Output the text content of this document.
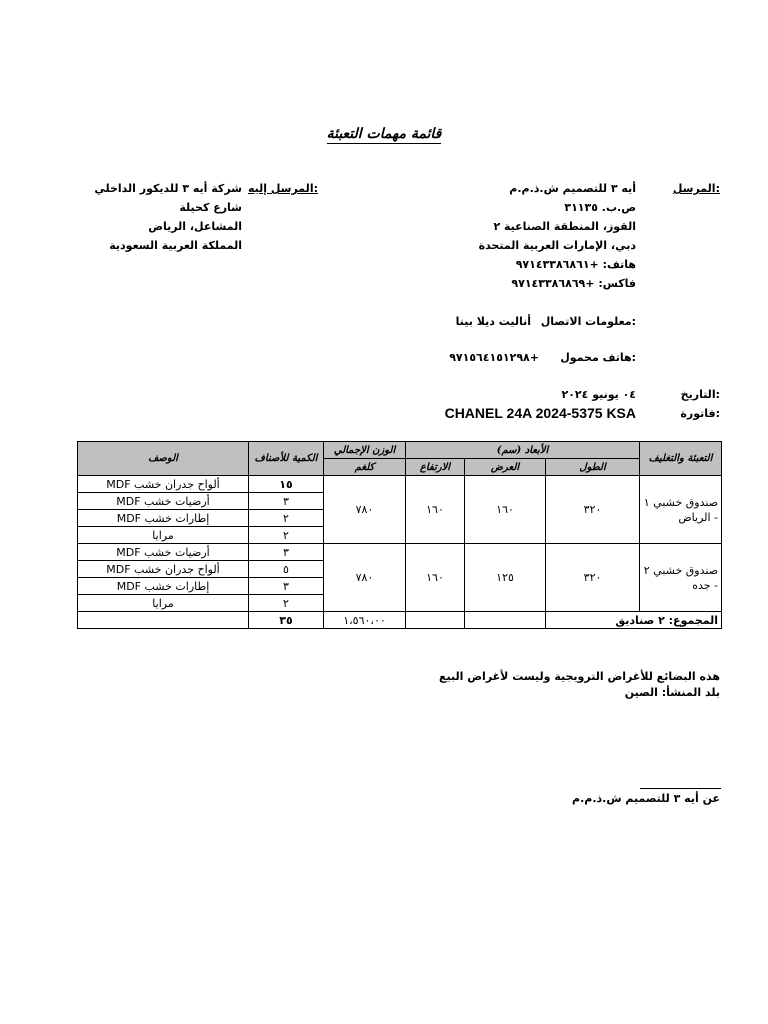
قائمة مهمات التعبئة
المرسل:
أيه ٣ للتصميم ش.ذ.م.م
ص.ب. ٣١١٣٥
القوز، المنطقة الصناعية ٢
دبي، الإمارات العربية المتحدة
هاتف: +٩٧١٤٣٣٨٦٨٦١
فاكس: +٩٧١٤٣٣٨٦٨٦٩
المرسل إليه:
شركة أيه ٣ للديكور الداخلي
شارع كحيلة
المشاعل، الرياض
المملكة العربية السعودية
معلومات الاتصال:
أناليت ديلا بينا
هاتف محمول:
+٩٧١٥٦٤١٥١٢٩٨
التاريخ:
٠٤ يونيو ٢٠٢٤
فاتورة:
CHANEL 24A 2024-5375 KSA
التعبئة والتغليف	الأبعاد (سم)			الوزن الإجمالي	الكمية للأصناف	الوصف
	الطول	العرض	الارتفاع	كلغم		
صندوق خشبي ١ - الرياض	٣٢٠	١٦٠	١٦٠	٧٨٠	١٥	ألواح جدران خشب MDF
					٣	أرضيات خشب MDF
					٢	إطارات خشب MDF
					٢	مرايا
صندوق خشبي ٢ - جده	٣٢٠	١٢٥	١٦٠	٧٨٠	٣	أرضيات خشب MDF
					٥	ألواح جدران خشب MDF
					٣	إطارات خشب MDF
					٢	مرايا
المجموع: ٢ صناديق				١،٥٦٠،٠٠	٣٥	
هذه البضائع للأغراض الترويجية وليست لأغراض البيع
بلد المنشأ: الصين
عن أيه ٣ للتصميم ش.ذ.م.م
